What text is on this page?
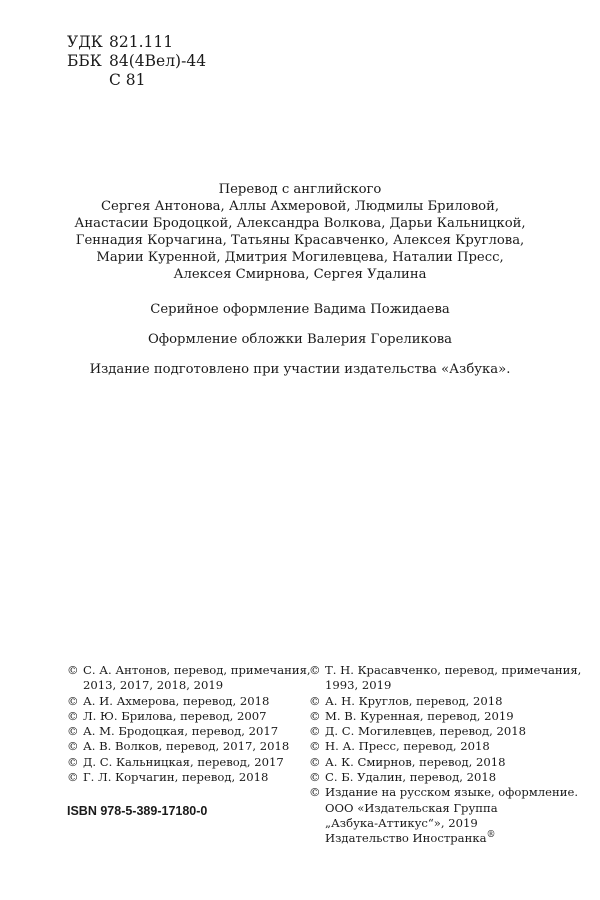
УДК 821.111
ББК 84(4Вел)-44
С 81
Перевод с английского
Сергея Антонова, Аллы Ахмеровой, Людмилы Бриловой,
Анастасии Бродоцкой, Александра Волкова, Дарьи Кальницкой,
Геннадия Корчагина, Татьяны Красавченко, Алексея Круглова,
Марии Куренной, Дмитрия Могилевцева, Наталии Пресс,
Алексея Смирнова, Сергея Удалина
Серийное оформление Вадима Пожидаева
Оформление обложки Валерия Гореликова
Издание подготовлено при участии издательства «Азбука».
© С. А. Антонов, перевод, примечания,
2013, 2017, 2018, 2019
© А. И. Ахмерова, перевод, 2018
© Л. Ю. Брилова, перевод, 2007
© А. М. Бродоцкая, перевод, 2017
© А. В. Волков, перевод, 2017, 2018
© Д. С. Кальницкая, перевод, 2017
© Г. Л. Корчагин, перевод, 2018
© Т. Н. Красавченко, перевод, примечания,
1993, 2019
© А. Н. Круглов, перевод, 2018
© М. В. Куренная, перевод, 2019
© Д. С. Могилевцев, перевод, 2018
© Н. А. Пресс, перевод, 2018
© А. К. Смирнов, перевод, 2018
© С. Б. Удалин, перевод, 2018
© Издание на русском языке, оформление.
ООО «Издательская Группа
„Азбука-Аттикус“», 2019
Издательство Иностранка®
ISBN 978-5-389-17180-0
